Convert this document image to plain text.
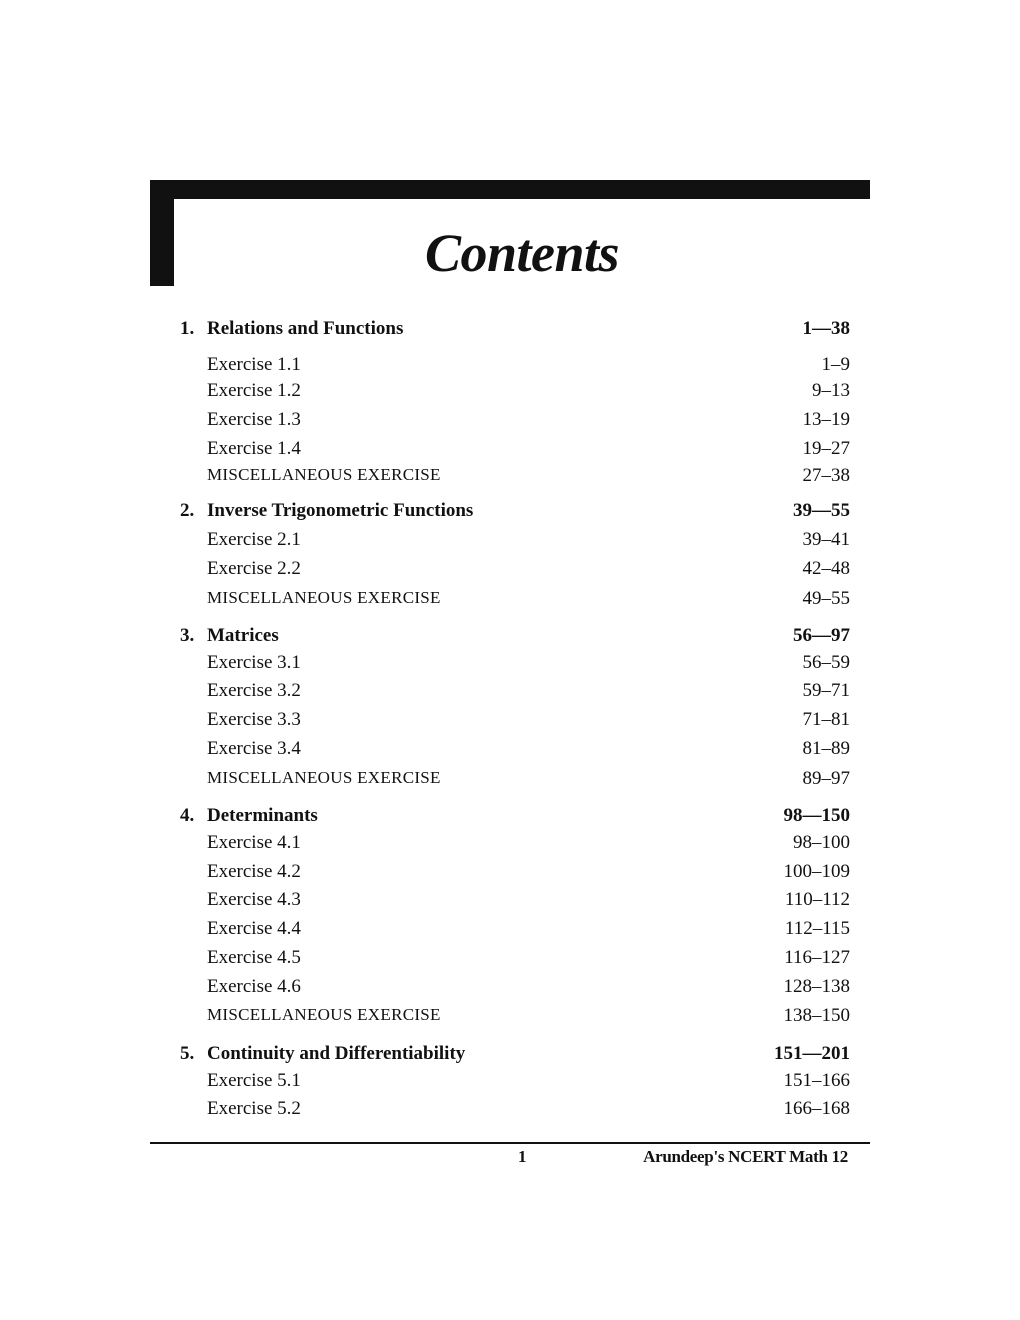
Contents
1. Relations and Functions	1—38
Exercise 1.1	1–9
Exercise 1.2	9–13
Exercise 1.3	13–19
Exercise 1.4	19–27
MISCELLANEOUS EXERCISE	27–38
2. Inverse Trigonometric Functions	39—55
Exercise 2.1	39–41
Exercise 2.2	42–48
MISCELLANEOUS EXERCISE	49–55
3. Matrices	56—97
Exercise 3.1	56–59
Exercise 3.2	59–71
Exercise 3.3	71–81
Exercise 3.4	81–89
MISCELLANEOUS EXERCISE	89–97
4. Determinants	98—150
Exercise 4.1	98–100
Exercise 4.2	100–109
Exercise 4.3	110–112
Exercise 4.4	112–115
Exercise 4.5	116–127
Exercise 4.6	128–138
MISCELLANEOUS EXERCISE	138–150
5. Continuity and Differentiability	151—201
Exercise 5.1	151–166
Exercise 5.2	166–168
1	Arundeep's NCERT Math 12
